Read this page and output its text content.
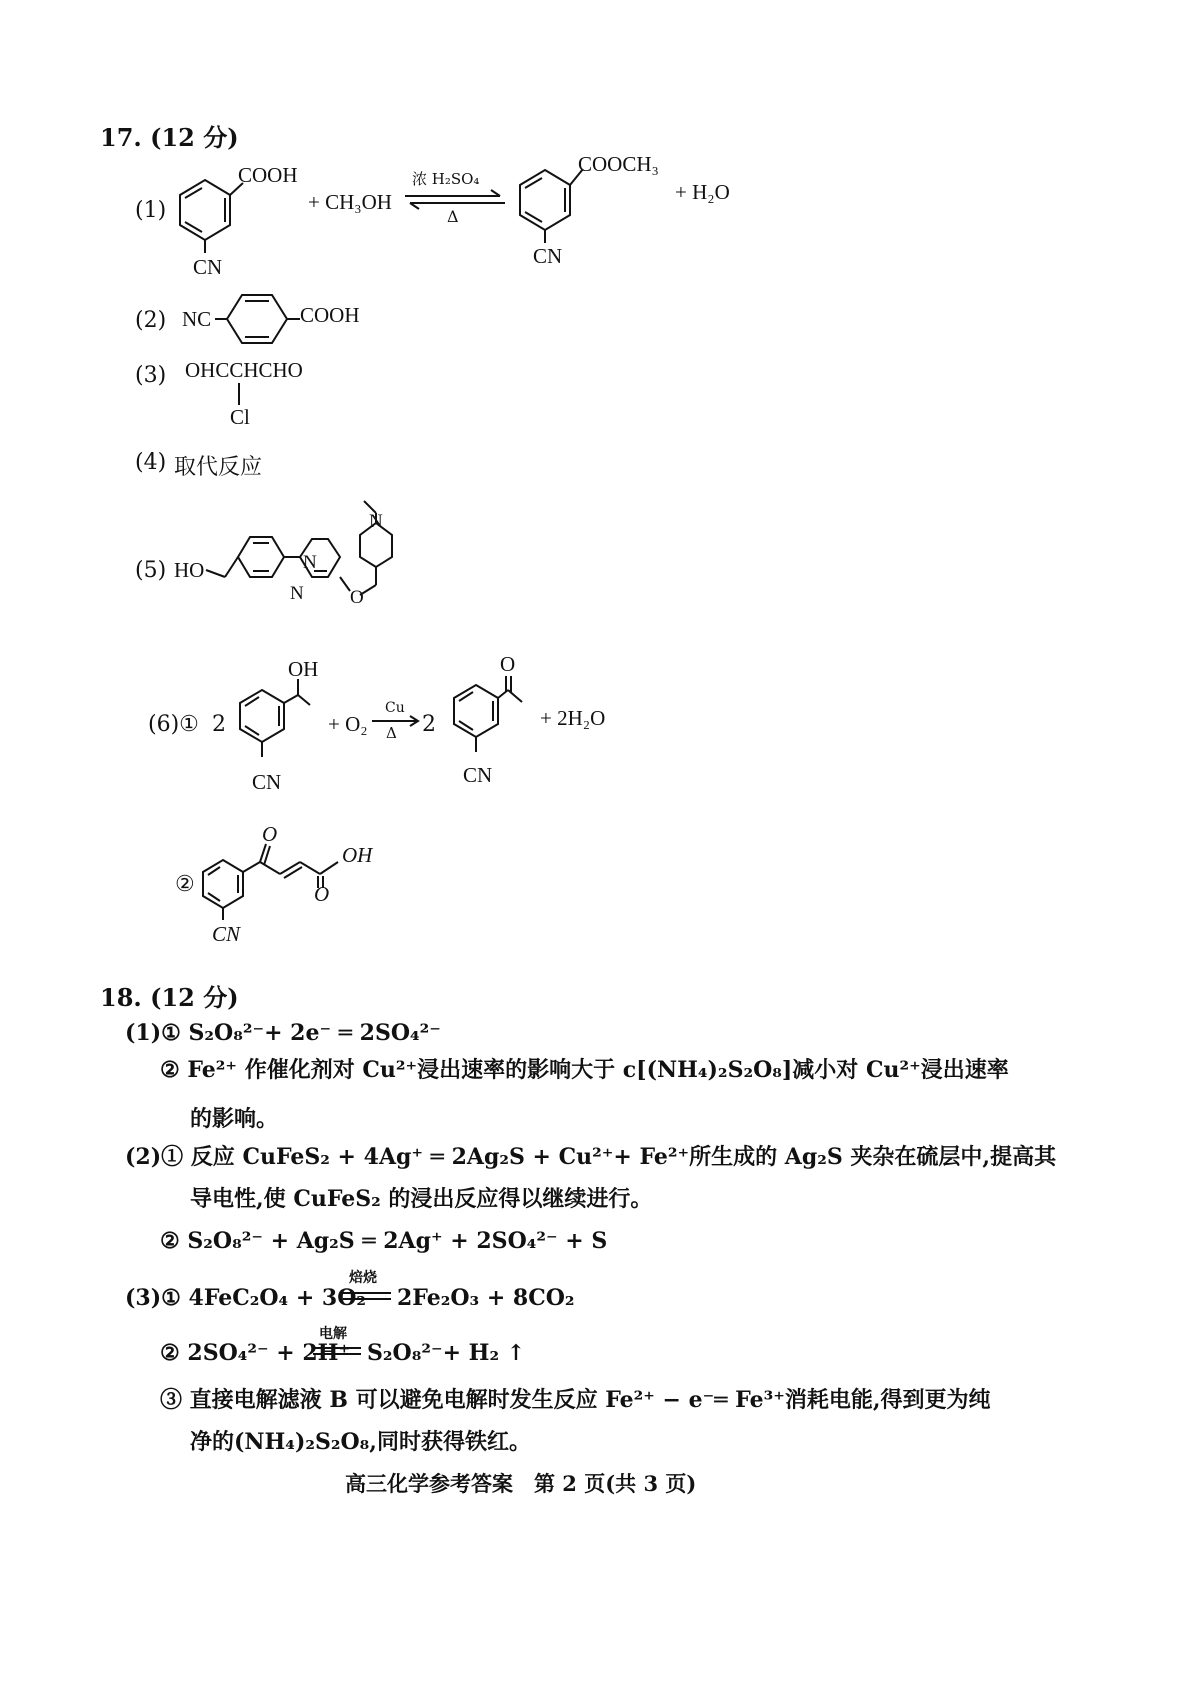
17. (12 分)
(1)
COOH
CN
+ CH₃OH
浓 H₂SO₄
Δ
COOCH₃
CN
+ H₂O
(2) NC	COOH
(3) OHCCHCHO
Cl
(4) 取代反应
(5) HO	N
N O
N
(6)① 2
OH
CN
+ O₂
Cu
Δ 2
O
CN
+ 2H₂O
②
O
OH
O
CN
18. (12 分)
(1)① S₂O₈²⁻+ 2e⁻ ═ 2SO₄²⁻
② Fe²⁺ 作催化剂对 Cu²⁺浸出速率的影响大于 c[(NH₄)₂S₂O₈]减小对 Cu²⁺浸出速率
的影响。
(2)① 反应 CuFeS₂ + 4Ag⁺ ═ 2Ag₂S + Cu²⁺+ Fe²⁺所生成的 Ag₂S 夹杂在硫层中,提高其
导电性,使 CuFeS₂ 的浸出反应得以继续进行。
② S₂O₈²⁻ + Ag₂S ═ 2Ag⁺ + 2SO₄²⁻ + S
(3)① 4FeC₂O₄ + 3O₂
焙烧
2Fe₂O₃ + 8CO₂
② 2SO₄²⁻ + 2H⁺
电解
S₂O₈²⁻+ H₂ ↑
③ 直接电解滤液 B 可以避免电解时发生反应 Fe²⁺ − e⁻═ Fe³⁺消耗电能,得到更为纯
净的(NH₄)₂S₂O₈,同时获得铁红。
高三化学参考答案　第 2 页(共 3 页)
